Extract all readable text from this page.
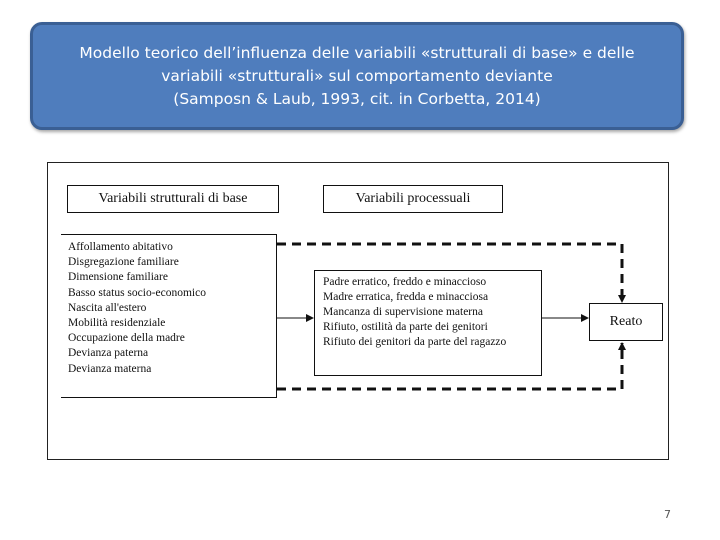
Modello teorico dell’influenza delle variabili «strutturali di base» e delle
variabili «strutturali» sul comportamento deviante
(Samposn & Laub, 1993, cit. in Corbetta, 2014)
Variabili strutturali di base	Variabili processuali
Affollamento abitativo
Disgregazione familiare
Dimensione familiare
Basso status socio-economico
Nascita all'estero
Mobilità residenziale
Occupazione della madre
Devianza paterna
Devianza materna
Padre erratico, freddo e minaccioso
Madre erratica, fredda e minacciosa
Mancanza di supervisione materna
Rifiuto, ostilità da parte dei genitori
Rifiuto dei genitori da parte del ragazzo
Reato
7
